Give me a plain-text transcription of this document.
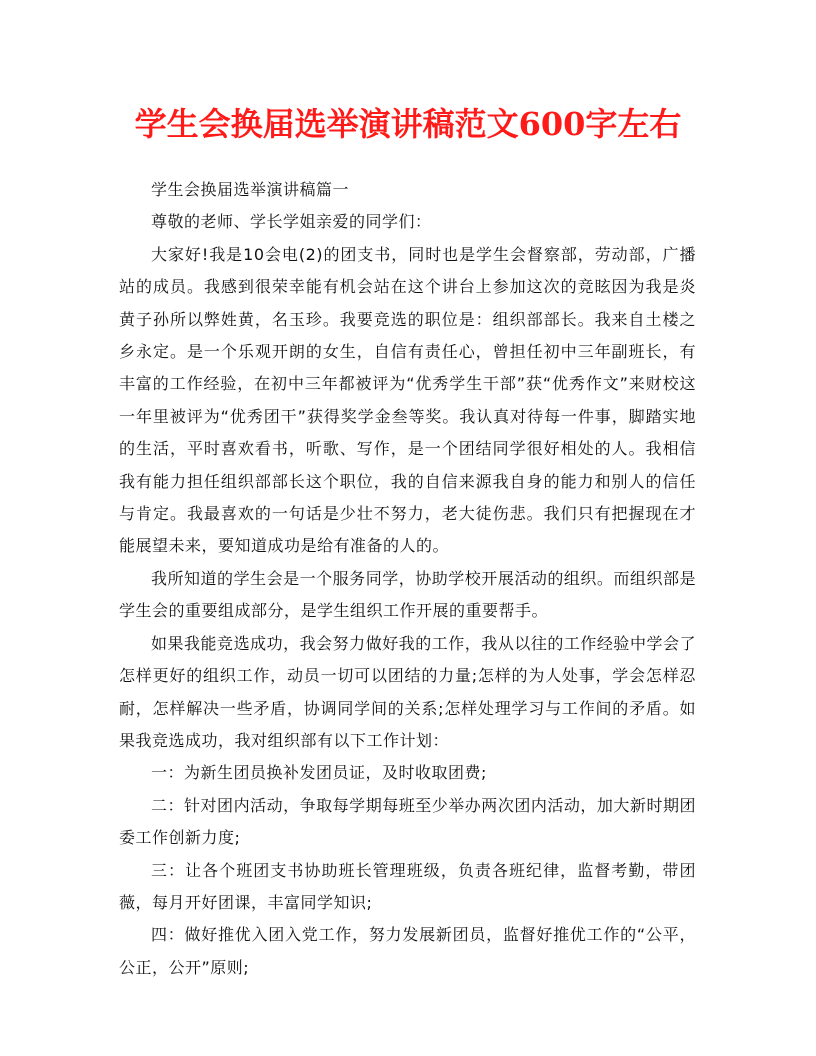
学生会换届选举演讲稿范文600字左右

学生会换届选举演讲稿篇一

尊敬的老师、学长学姐亲爱的同学们：

大家好!我是10会电(2)的团支书，同时也是学生会督察部，劳动部，广播站的成员。我感到很荣幸能有机会站在这个讲台上参加这次的竞眩因为我是炎黄子孙所以弊姓黄，名玉珍。我要竞选的职位是：组织部部长。我来自土楼之乡永定。是一个乐观开朗的女生，自信有责任心，曾担任初中三年副班长，有丰富的工作经验，在初中三年都被评为“优秀学生干部”获“优秀作文”来财校这一年里被评为“优秀团干”获得奖学金叁等奖。我认真对待每一件事，脚踏实地的生活，平时喜欢看书，听歌、写作，是一个团结同学很好相处的人。我相信我有能力担任组织部部长这个职位，我的自信来源我自身的能力和别人的信任与肯定。我最喜欢的一句话是少壮不努力，老大徒伤悲。我们只有把握现在才能展望未来，要知道成功是给有准备的人的。

我所知道的学生会是一个服务同学，协助学校开展活动的组织。而组织部是学生会的重要组成部分，是学生组织工作开展的重要帮手。

如果我能竞选成功，我会努力做好我的工作，我从以往的工作经验中学会了怎样更好的组织工作，动员一切可以团结的力量;怎样的为人处事，学会怎样忍耐，怎样解决一些矛盾，协调同学间的关系;怎样处理学习与工作间的矛盾。如果我竞选成功，我对组织部有以下工作计划：

一：为新生团员换补发团员证，及时收取团费;

二：针对团内活动，争取每学期每班至少举办两次团内活动，加大新时期团委工作创新力度;

三：让各个班团支书协助班长管理班级，负责各班纪律，监督考勤，带团薇，每月开好团课，丰富同学知识;

四：做好推优入团入党工作，努力发展新团员，监督好推优工作的“公平，公正，公开”原则;
